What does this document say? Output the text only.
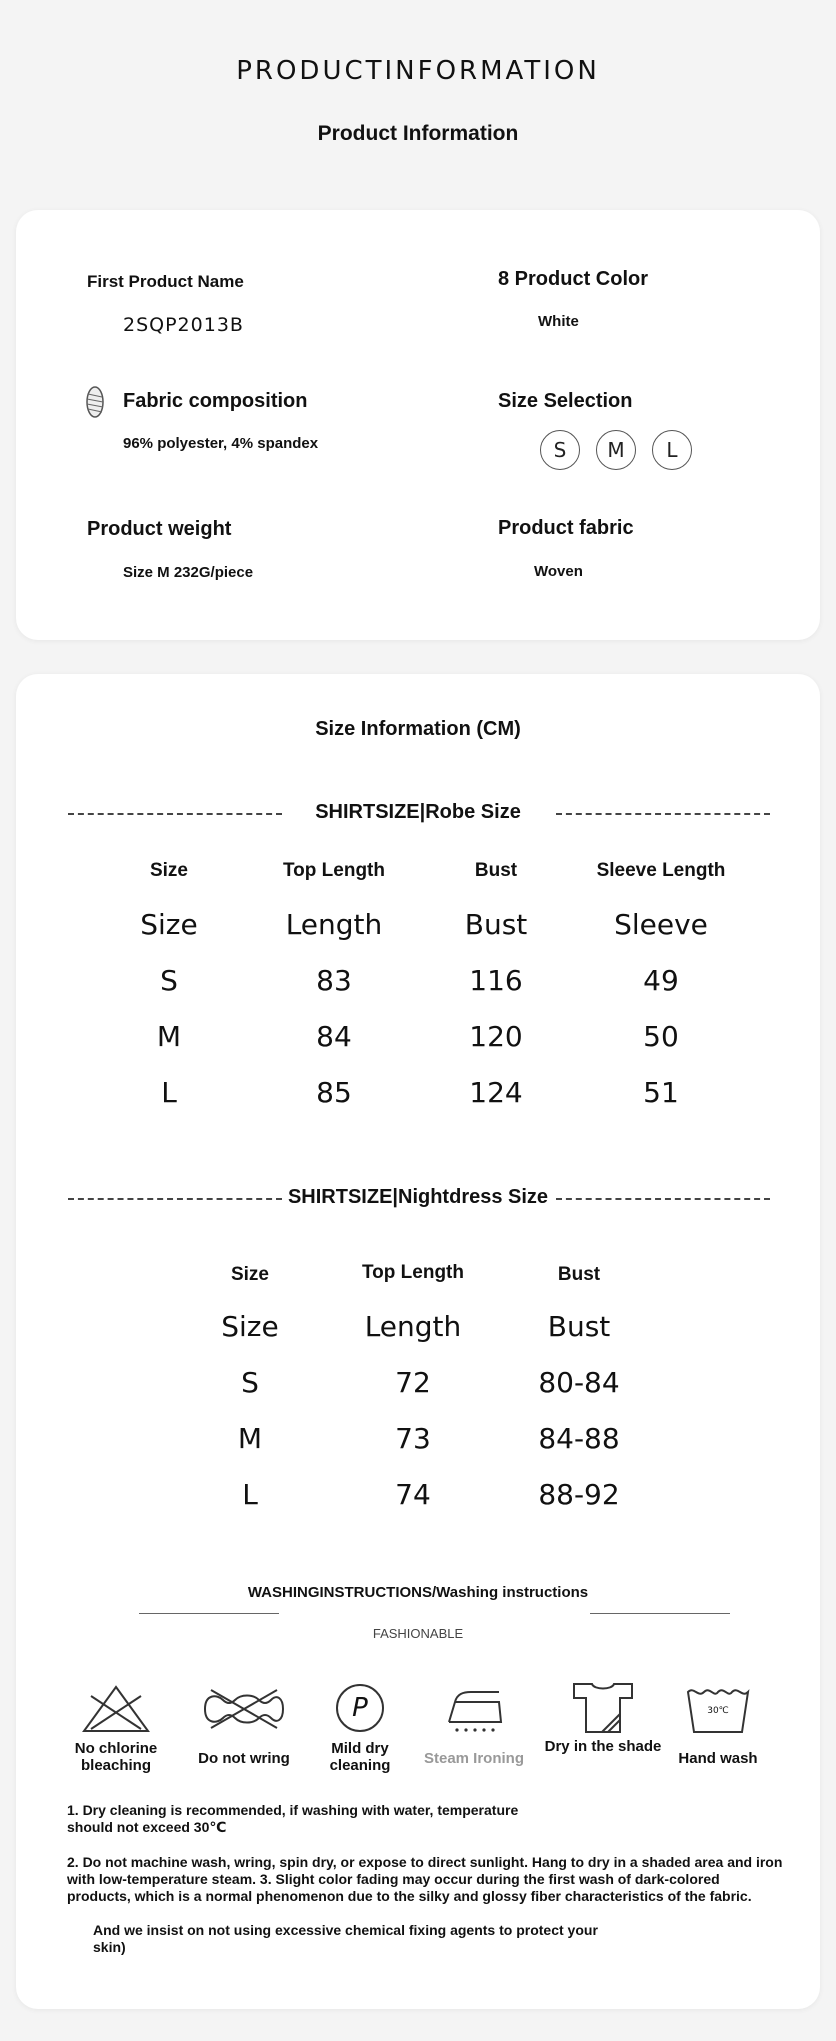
PRODUCTINFORMATION
Product Information
First Product Name
2SQP2013B
8 Product Color
White
Fabric composition
96% polyester, 4% spandex
Size Selection
S	M	L
Product weight
Size M 232G/piece
Product fabric
Woven
Size Information (CM)
SHIRTSIZE|Robe Size
Size	Top Length	Bust	Sleeve Length
Size	Length	Bust	Sleeve
S	83	116	49
M	84	120	50
L	85	124	51
SHIRTSIZE|Nightdress Size
Size	Top Length	Bust
Size	Length	Bust
S	72	80-84
M	73	84-88
L	74	88-92
WASHINGINSTRUCTIONS/Washing instructions
FASHIONABLE
No chlorine bleaching	Do not wring
P
Mild dry cleaning	Steam Ironing
Dry in the shade
30℃
Hand wash
1. Dry cleaning is recommended, if washing with water, temperature should not exceed 30℃
2. Do not machine wash, wring, spin dry, or expose to direct sunlight. Hang to dry in a shaded area and iron with low-temperature steam. 3. Slight color fading may occur during the first wash of dark-colored products, which is a normal phenomenon due to the silky and glossy fiber characteristics of the fabric.
And we insist on not using excessive chemical fixing agents to protect your skin)
